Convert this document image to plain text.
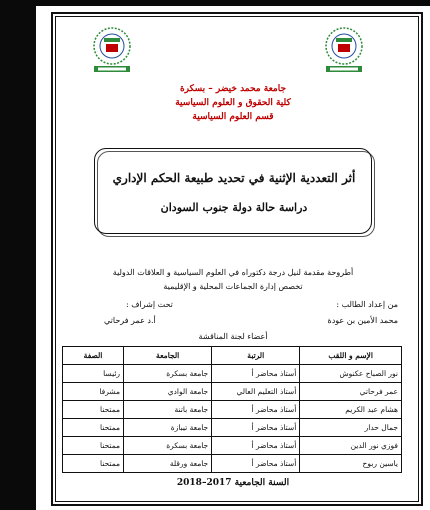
جامعة محمد خيضر – بسكرة
كلية الحقوق و العلوم السياسية
قسم العلوم السياسية
أثر التعددية الإثنية في تحديد طبيعة الحكم الإداري
دراسة حالة دولة جنوب السودان
أطروحة مقدمة لنيل درجة دكتوراه في العلوم السياسية و العلاقات الدولية
تخصص إدارة الجماعات المحلية و الإقليمية
من إعداد الطالب :
محمد الأمين بن عودة
تحت إشراف :
أ.د عمر فرحاتي
أعضاء لجنة المناقشة
الإسم و اللقب	الرتبة	الجامعة	الصفة
نور الصباح عكنوش	أستاذ محاضر أ	جامعة بسكرة	رئيسا
عمر فرحاتي	أستاذ التعليم العالي	جامعة الوادي	مشرفا
هشام عبد الكريم	أستاذ محاضر أ	جامعة باتنة	ممتحنا
جمال حدار	أستاذ محاضر أ	جامعة تيبازة	ممتحنا
فوزي نور الدين	أستاذ محاضر أ	جامعة بسكرة	ممتحنا
ياسين ربوح	أستاذ محاضر أ	جامعة ورقلة	ممتحنا
السنة الجامعية 2017–2018
